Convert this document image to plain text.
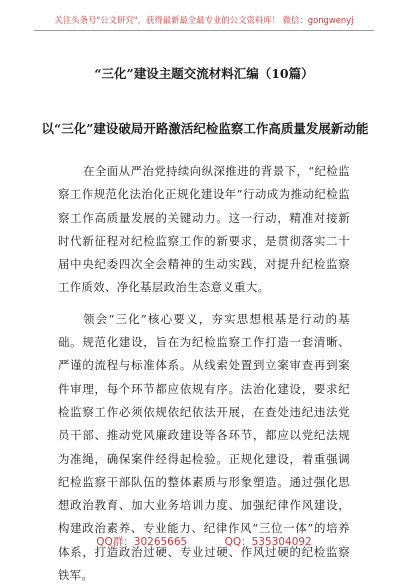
关注头条号"公文研究"，获得最新最全最专业的公文资料库！ 微信：gongwenyj
“三化”建设主题交流材料汇编（10篇）
以“三化”建设破局开路激活纪检监察工作高质量发展新动能

在全面从严治党持续向纵深推进的背景下，“纪检监察工作规范化法治化正规化建设年”行动成为推动纪检监察工作高质量发展的关键动力。这一行动，精准对接新时代新征程对纪检监察工作的新要求，是贯彻落实二十届中央纪委四次全会精神的生动实践，对提升纪检监察工作质效、净化基层政治生态意义重大。

领会“三化”核心要义，夯实思想根基是行动的基础。规范化建设，旨在为纪检监察工作打造一套清晰、严谨的流程与标准体系。从线索处置到立案审查再到案件审理，每个环节都应依规有序。法治化建设，要求纪检监察工作必须依规依纪依法开展，在查处违纪违法党员干部、推动党风廉政建设等各环节，都应以党纪法规为准绳，确保案件经得起检验。正规化建设，着重强调纪检监察干部队伍的整体素质与形象塑造。通过强化思想政治教育、加大业务培训力度、加强纪律作风建设，构建政治素养、专业能力、纪律作风“三位一体”的培养体系，打造政治过硬、专业过硬、作风过硬的纪检监察铁军。

QQ群：30265665	QQ：535304092
